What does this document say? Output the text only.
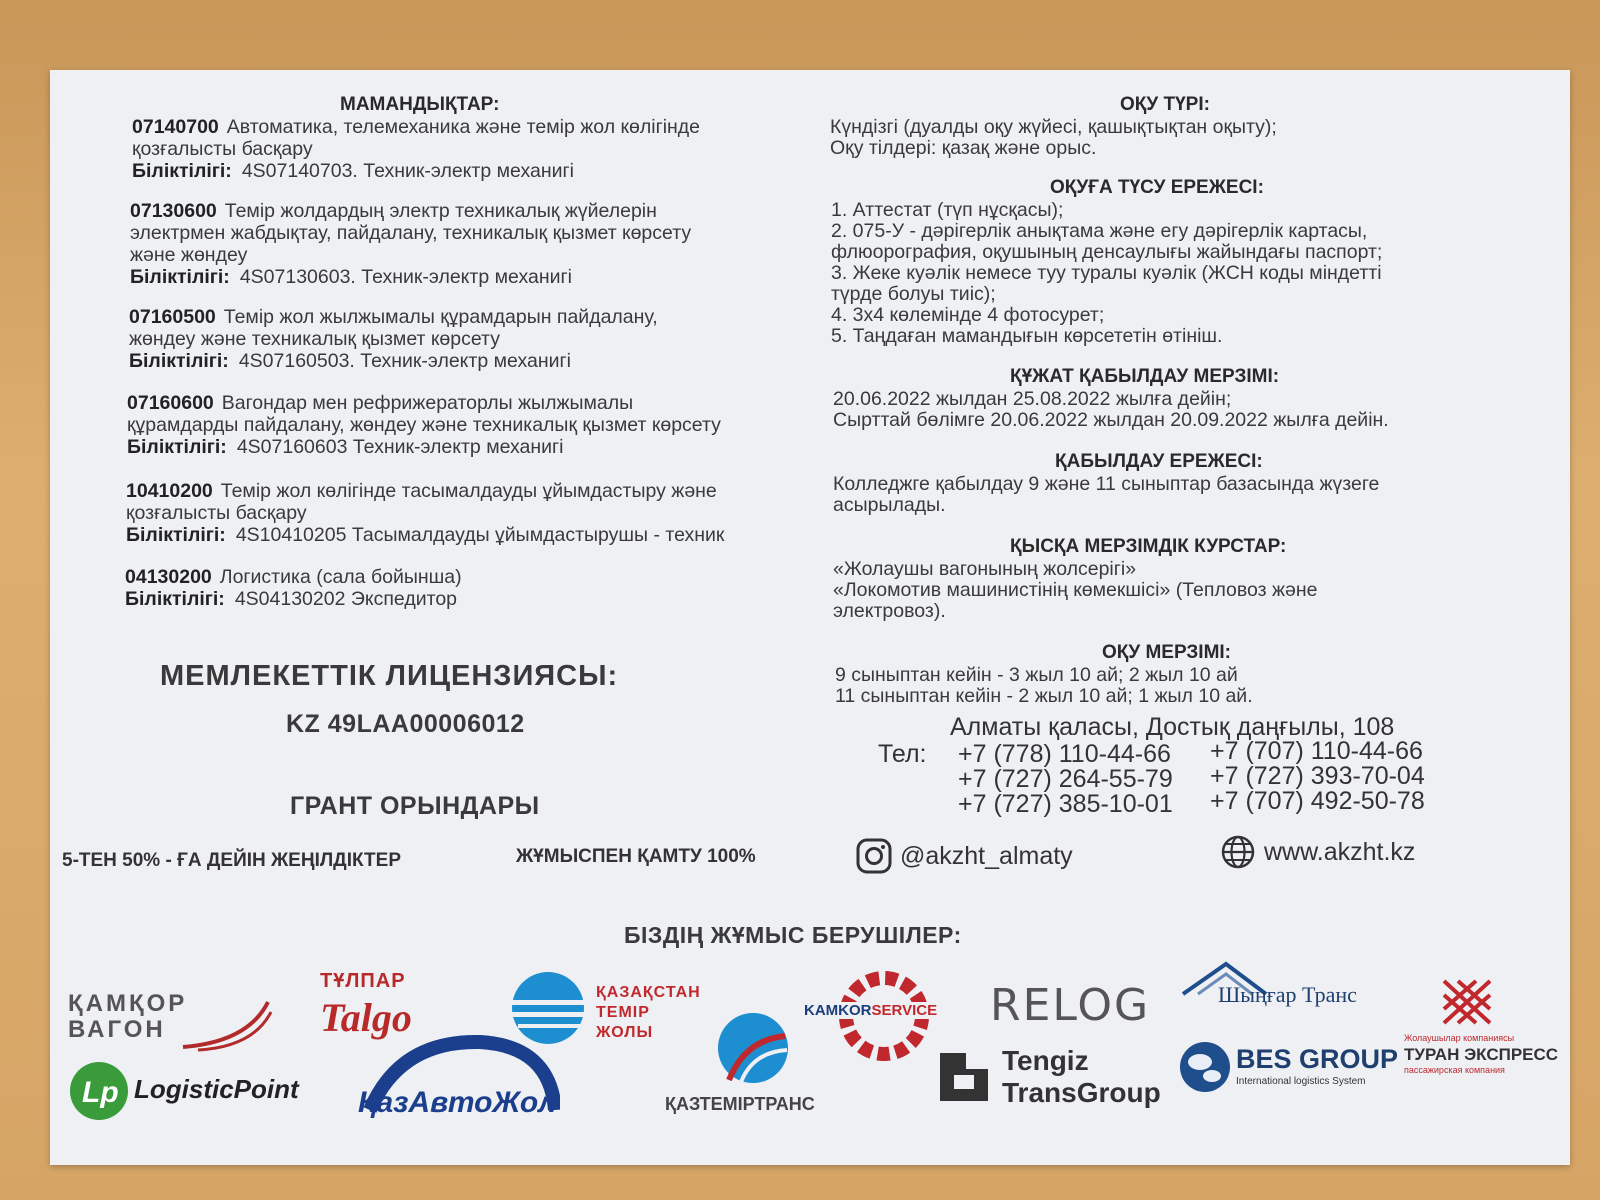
МАМАНДЫҚТАР:
07140700 Автоматика, телемеханика және темір жол көлігінде
қозғалысты басқару
Біліктілігі: 4S07140703. Техник-электр механигі
07130600 Темір жолдардың электр техникалық жүйелерін
электрмен жабдықтау, пайдалану, техникалық қызмет көрсету
және жөндеу
Біліктілігі: 4S07130603. Техник-электр механигі
07160500 Темір жол жылжымалы құрамдарын пайдалану,
жөндеу және техникалық қызмет көрсету
Біліктілігі: 4S07160503. Техник-электр механигі
07160600 Вагондар мен рефрижераторлы жылжымалы
құрамдарды пайдалану, жөндеу және техникалық қызмет көрсету
Біліктілігі: 4S07160603 Техник-электр механигі
10410200 Темір жол көлігінде тасымалдауды ұйымдастыру және
қозғалысты басқару
Біліктілігі: 4S10410205 Тасымалдауды ұйымдастырушы - техник
04130200 Логистика (сала бойынша)
Біліктілігі: 4S04130202 Экспедитор
МЕМЛЕКЕТТІК ЛИЦЕНЗИЯСЫ:
KZ 49LAA00006012
ГРАНТ ОРЫНДАРЫ
5-ТЕН 50% - ҒА ДЕЙІН ЖЕҢІЛДІКТЕР	ЖҰМЫСПЕН ҚАМТУ 100%
ОҚУ ТҮРІ:
Күндізгі (дуалды оқу жүйесі, қашықтықтан оқыту);
Оқу тілдері: қазақ және орыс.
ОҚУҒА ТҮСУ ЕРЕЖЕСІ:
1. Аттестат (түп нұсқасы);
2. 075-У - дәрігерлік анықтама және егу дәрігерлік картасы,
флюорография, оқушының денсаулығы жайындағы паспорт;
3. Жеке куәлік немесе туу туралы куәлік (ЖСН коды міндетті
түрде болуы тиіс);
4. 3х4 көлемінде 4 фотосурет;
5. Таңдаған мамандығын көрсететін өтініш.
ҚҰЖАТ ҚАБЫЛДАУ МЕРЗІМІ:
20.06.2022 жылдан 25.08.2022 жылға дейін;
Сырттай бөлімге 20.06.2022 жылдан 20.09.2022 жылға дейін.
ҚАБЫЛДАУ ЕРЕЖЕСІ:
Колледжге қабылдау 9 және 11 сыныптар базасында жүзеге
асырылады.
ҚЫСҚА МЕРЗІМДІК КУРСТАР:
«Жолаушы вагонының жолсерігі»
«Локомотив машинистінің көмекшісі» (Тепловоз және
электровоз).
ОҚУ МЕРЗІМІ:
9 сыныптан кейін - 3 жыл 10 ай; 2 жыл 10 ай
11 сыныптан кейін - 2 жыл 10 ай; 1 жыл 10 ай.
Алматы қаласы, Достық даңғылы, 108
Тел: +7 (778) 110-44-66 +7 (707) 110-44-66
+7 (727) 264-55-79 +7 (727) 393-70-04
+7 (727) 385-10-01 +7 (707) 492-50-78
@akzht_almaty	www.akzht.kz
БІЗДІҢ ЖҰМЫС БЕРУШІЛЕР:
ҚАМҚОР
ВАГОН
ТҰЛПАР
Talgo
ҚАЗАҚСТАН
ТЕМІР
ЖОЛЫ
KAMKORSERVICE RELOG	Шыңғар Транс
Жолаушылар компаниясы
ТУРАН ЭКСПРЕСС
пассажирская компания
Lp LogisticPoint ҚазАвтоЖол	ҚАЗТЕМІРТРАНС
Tengiz
TransGroup
BES GROUP
International logistics System
